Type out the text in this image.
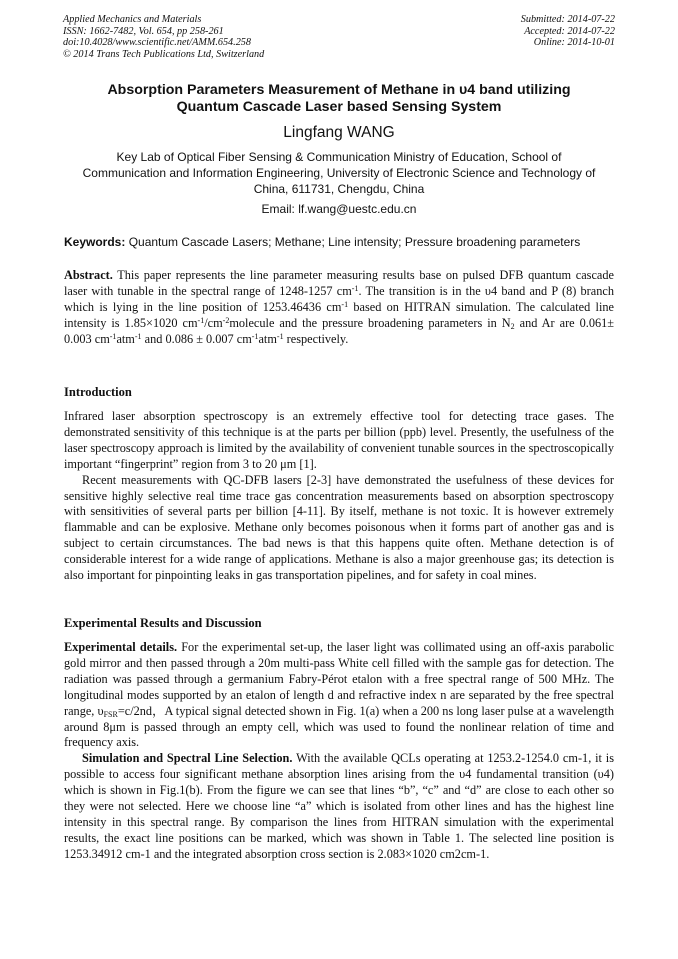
Applied Mechanics and Materials
ISSN: 1662-7482, Vol. 654, pp 258-261
doi:10.4028/www.scientific.net/AMM.654.258
© 2014 Trans Tech Publications Ltd, Switzerland
Submitted: 2014-07-22
Accepted: 2014-07-22
Online: 2014-10-01
Absorption Parameters Measurement of Methane in υ4 band utilizing
Quantum Cascade Laser based Sensing System
Lingfang WANG
Key Lab of Optical Fiber Sensing & Communication Ministry of Education, School of
Communication and Information Engineering, University of Electronic Science and Technology of
China, 611731, Chengdu, China
Email: lf.wang@uestc.edu.cn
Keywords: Quantum Cascade Lasers; Methane; Line intensity; Pressure broadening parameters

Abstract. This paper represents the line parameter measuring results base on pulsed DFB quantum cascade laser with tunable in the spectral range of 1248-1257 $cm^{-1}$. The transition is in the υ4 band and P (8) branch which is lying in the line position of 1253.46436 $cm^{-1}$ based on HITRAN simulation. The calculated line intensity is 1.85×1020 $cm^{-1}/cm^{-2}molecule$ and the pressure broadening parameters in $N_2$ and Ar are 0.061± 0.003 $cm^{-1}atm^{-1}$ and 0.086 ± 0.007 $cm^{-1}atm^{-1}$ respectively.

Introduction

Infrared laser absorption spectroscopy is an extremely effective tool for detecting trace gases. The demonstrated sensitivity of this technique is at the parts per billion (ppb) level. Presently, the usefulness of the laser spectroscopy approach is limited by the availability of convenient tunable sources in the spectroscopically important “fingerprint” region from 3 to 20 μm [1].

Recent measurements with QC-DFB lasers [2-3] have demonstrated the usefulness of these devices for sensitive highly selective real time trace gas concentration measurements based on absorption spectroscopy with sensitivities of several parts per billion [4-11]. By itself, methane is not toxic. It is however extremely flammable and can be explosive. Methane only becomes poisonous when it forms part of another gas and is subject to certain circumstances. The bad news is that this happens quite often. Methane detection is of considerable interest for a wide range of applications. Methane is also a major greenhouse gas; its detection is also important for pinpointing leaks in gas transportation pipelines, and for safety in coal mines.

Experimental Results and Discussion

Experimental details. For the experimental set-up, the laser light was collimated using an off-axis parabolic gold mirror and then passed through a 20m multi-pass White cell filled with the sample gas for detection. The radiation was passed through a germanium Fabry-Pérot etalon with a free spectral range of 500 MHz. The longitudinal modes supported by an etalon of length d and refractive index n are separated by the free spectral range, $\upsilon_{FSR}=c/2nd$，A typical signal detected shown in Fig. 1(a) when a 200 ns long laser pulse at a wavelength around 8μm is passed through an empty cell, which was used to found the nonlinear relation of time and frequency axis.

Simulation and Spectral Line Selection. With the available QCLs operating at 1253.2-1254.0 cm-1, it is possible to access four significant methane absorption lines arising from the υ4 fundamental transition (υ4) which is shown in Fig.1(b). From the figure we can see that lines “b”, “c” and “d” are close to each other so they were not selected. Here we choose line “a” which is isolated from other lines and has the highest line intensity in this spectral range. By comparison the lines from HITRAN simulation with the experimental results, the exact line positions can be marked, which was shown in Table 1. The selected line position is 1253.34912 cm-1 and the integrated absorption cross section is 2.083×1020 cm2cm-1.
